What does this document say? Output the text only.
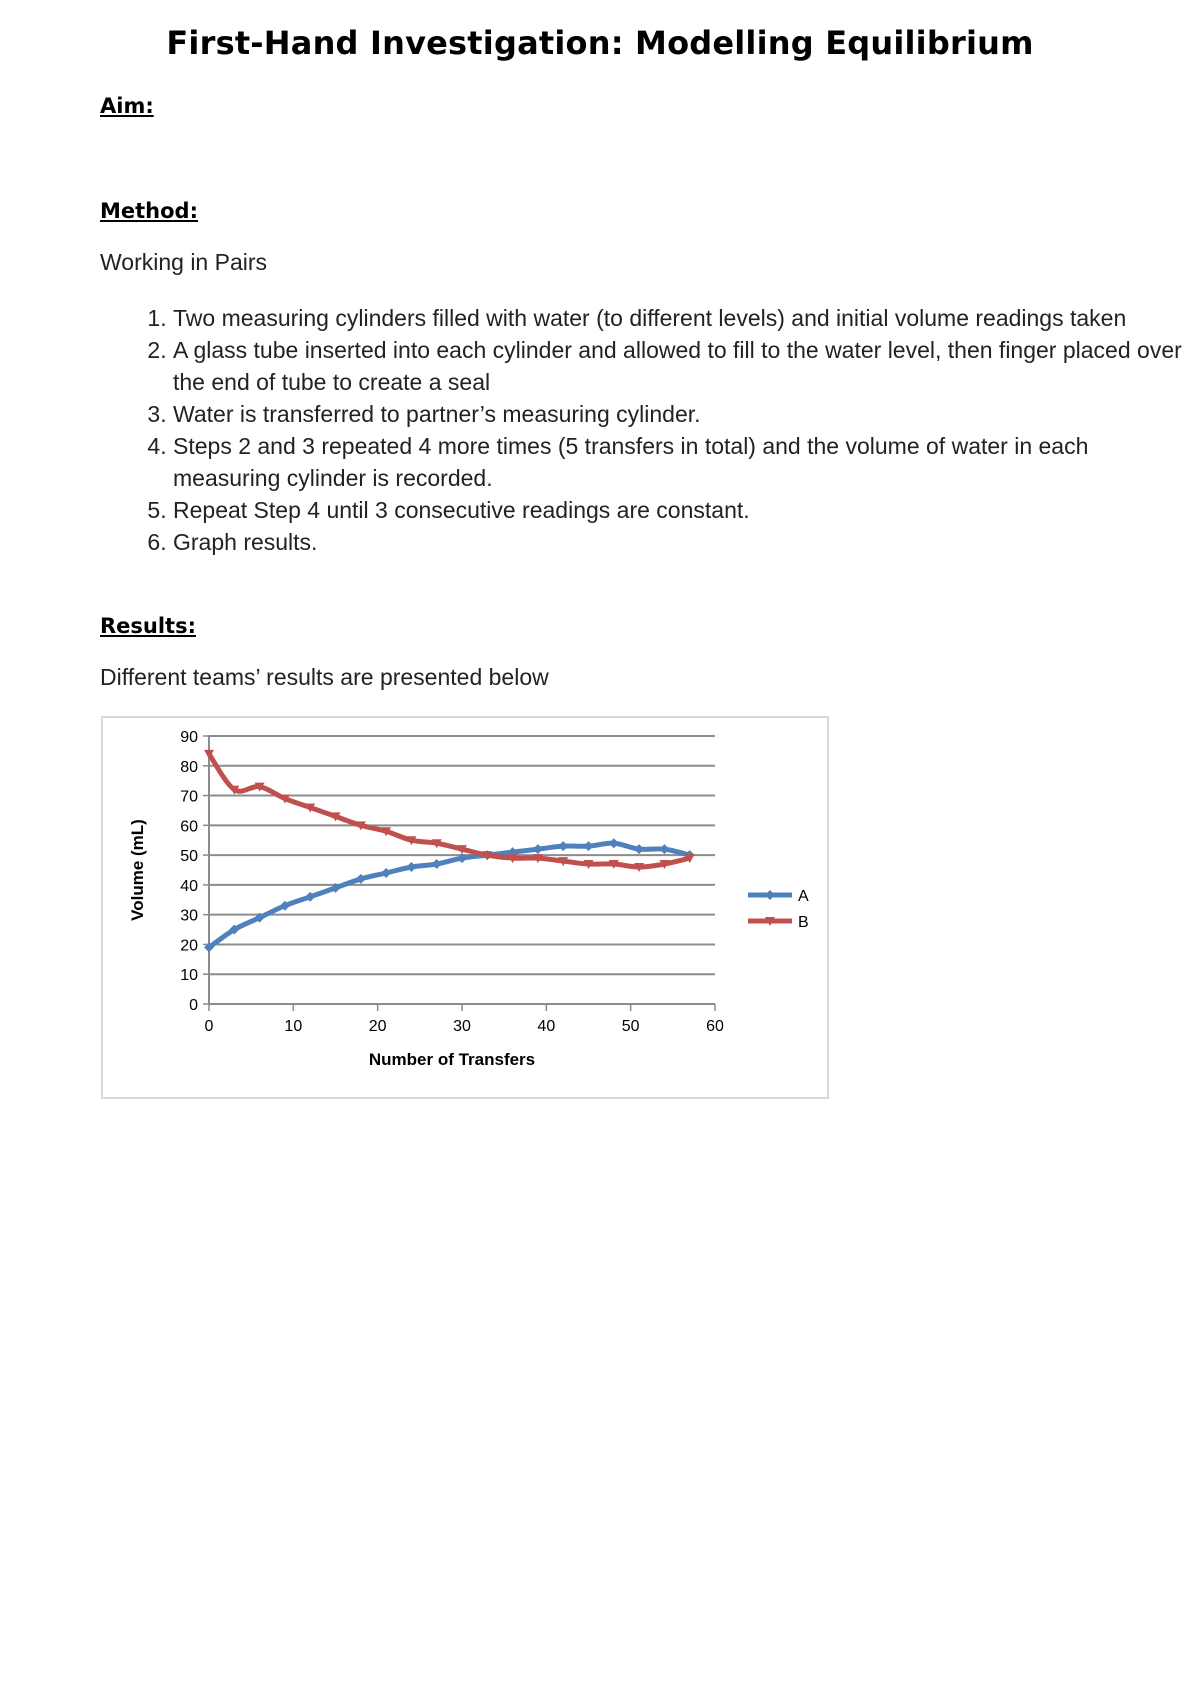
First-Hand Investigation: Modelling Equilibrium

Aim:

Method:

Working in Pairs

1. Two measuring cylinders filled with water (to different levels) and initial volume readings taken
2. A glass tube inserted into each cylinder and allowed to fill to the water level, then finger placed over the end of tube to create a seal
3. Water is transferred to partner’s measuring cylinder.
4. Steps 2 and 3 repeated 4 more times (5 transfers in total) and the volume of water in each measuring cylinder is recorded.
5. Repeat Step 4 until 3 consecutive readings are constant.
6. Graph results.

Results:

Different teams’ results are presented below

0
10
20
30
40
50
60
70
80
90
0	10	20	30	40	50	60
A
B
Number of Transfers
Volume (mL)
